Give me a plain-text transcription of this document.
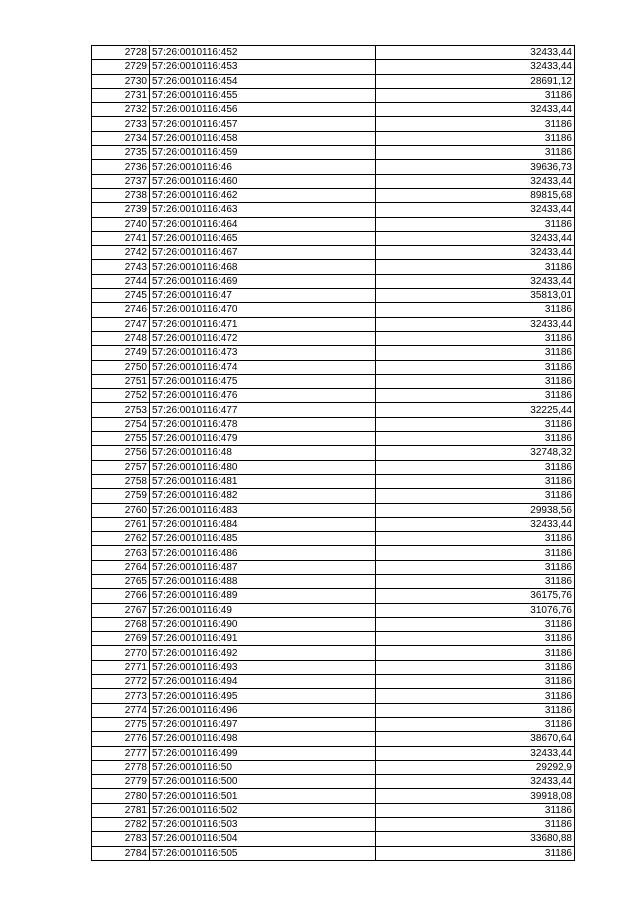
2728	57:26:0010116:452	32433,44
2729	57:26:0010116:453	32433,44
2730	57:26:0010116:454	28691,12
2731	57:26:0010116:455	31186
2732	57:26:0010116:456	32433,44
2733	57:26:0010116:457	31186
2734	57:26:0010116:458	31186
2735	57:26:0010116:459	31186
2736	57:26:0010116:46	39636,73
2737	57:26:0010116:460	32433,44
2738	57:26:0010116:462	89815,68
2739	57:26:0010116:463	32433,44
2740	57:26:0010116:464	31186
2741	57:26:0010116:465	32433,44
2742	57:26:0010116:467	32433,44
2743	57:26:0010116:468	31186
2744	57:26:0010116:469	32433,44
2745	57:26:0010116:47	35813,01
2746	57:26:0010116:470	31186
2747	57:26:0010116:471	32433,44
2748	57:26:0010116:472	31186
2749	57:26:0010116:473	31186
2750	57:26:0010116:474	31186
2751	57:26:0010116:475	31186
2752	57:26:0010116:476	31186
2753	57:26:0010116:477	32225,44
2754	57:26:0010116:478	31186
2755	57:26:0010116:479	31186
2756	57:26:0010116:48	32748,32
2757	57:26:0010116:480	31186
2758	57:26:0010116:481	31186
2759	57:26:0010116:482	31186
2760	57:26:0010116:483	29938,56
2761	57:26:0010116:484	32433,44
2762	57:26:0010116:485	31186
2763	57:26:0010116:486	31186
2764	57:26:0010116:487	31186
2765	57:26:0010116:488	31186
2766	57:26:0010116:489	36175,76
2767	57:26:0010116:49	31076,76
2768	57:26:0010116:490	31186
2769	57:26:0010116:491	31186
2770	57:26:0010116:492	31186
2771	57:26:0010116:493	31186
2772	57:26:0010116:494	31186
2773	57:26:0010116:495	31186
2774	57:26:0010116:496	31186
2775	57:26:0010116:497	31186
2776	57:26:0010116:498	38670,64
2777	57:26:0010116:499	32433,44
2778	57:26:0010116:50	29292,9
2779	57:26:0010116:500	32433,44
2780	57:26:0010116:501	39918,08
2781	57:26:0010116:502	31186
2782	57:26:0010116:503	31186
2783	57:26:0010116:504	33680,88
2784	57:26:0010116:505	31186
